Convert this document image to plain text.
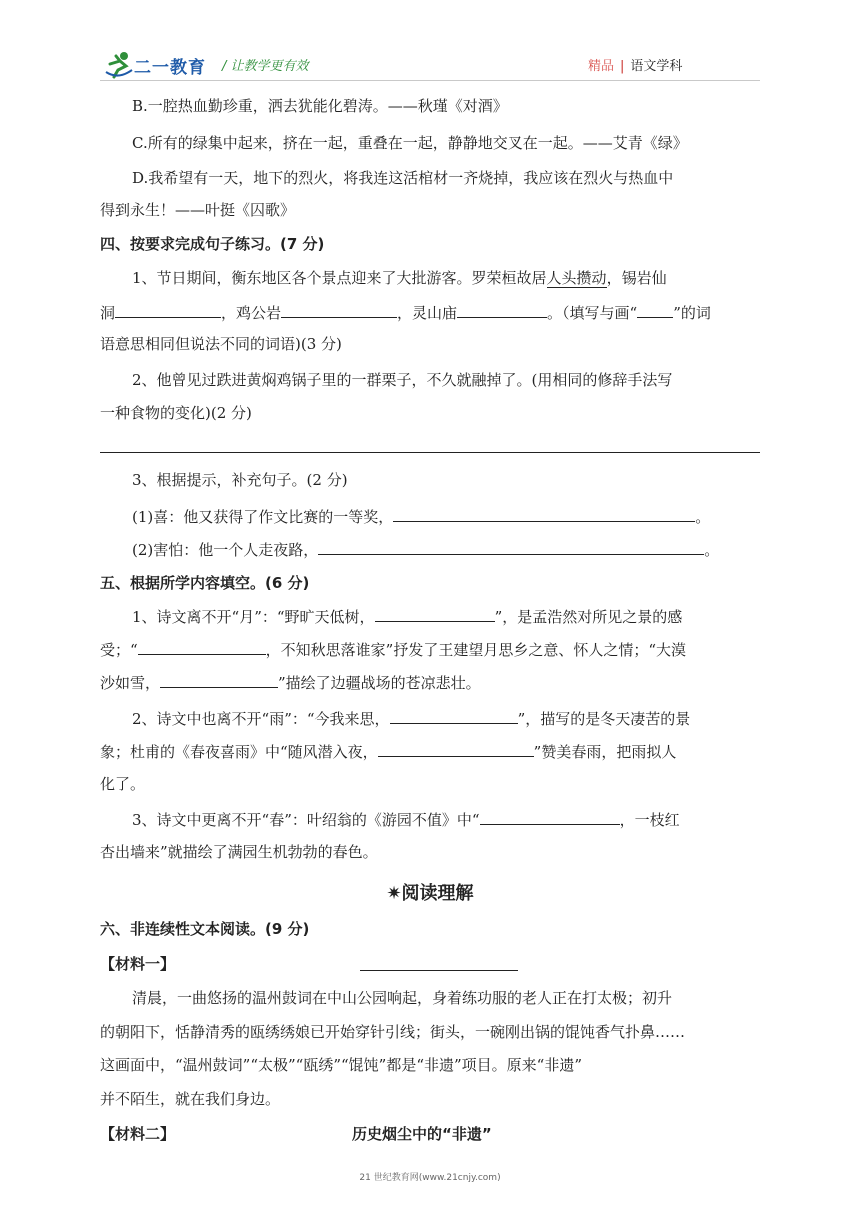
二一教育 / 让教学更有效	精品 | 语文学科
B.一腔热血勤珍重，洒去犹能化碧涛。——秋瑾《对酒》
C.所有的绿集中起来，挤在一起，重叠在一起，静静地交叉在一起。——艾青《绿》
D.我希望有一天，地下的烈火，将我连这活棺材一齐烧掉，我应该在烈火与热血中
得到永生！——叶挺《囚歌》
四、按要求完成句子练习。(7 分)
1、节日期间，衡东地区各个景点迎来了大批游客。罗荣桓故居人头攒动，锡岩仙
洞	，鸡公岩	，灵山庙	。（填写与画“ ”的词
语意思相同但说法不同的词语)(3 分)
2、他曾见过跌进黄焖鸡锅子里的一群栗子，不久就融掉了。(用相同的修辞手法写
一种食物的变化)(2 分)
3、根据提示，补充句子。(2 分)
(1)喜：他又获得了作文比赛的一等奖，	。
(2)害怕：他一个人走夜路，	。
五、根据所学内容填空。(6 分)
1、诗文离不开“月”：“野旷天低树，	”，是孟浩然对所见之景的感
受；“	，不知秋思落谁家”抒发了王建望月思乡之意、怀人之情；“大漠
沙如雪，	”描绘了边疆战场的苍凉悲壮。
2、诗文中也离不开“雨”：“今我来思，	”，描写的是冬天凄苦的景
象；杜甫的《春夜喜雨》中“随风潜入夜，	”赞美春雨，把雨拟人
化了。
3、诗文中更离不开“春”：叶绍翁的《游园不值》中“	，一枝红
杏出墙来”就描绘了满园生机勃勃的春色。
✷阅读理解
六、非连续性文本阅读。(9 分)
【材料一】
清晨，一曲悠扬的温州鼓词在中山公园响起，身着练功服的老人正在打太极；初升
的朝阳下，恬静清秀的瓯绣绣娘已开始穿针引线；街头，一碗刚出锅的馄饨香气扑鼻……
这画面中，“温州鼓词”“太极”“瓯绣”“馄饨”都是“非遗”项目。原来“非遗”
并不陌生，就在我们身边。
【材料二】	历史烟尘中的“非遗”
21 世纪教育网(www.21cnjy.com)
